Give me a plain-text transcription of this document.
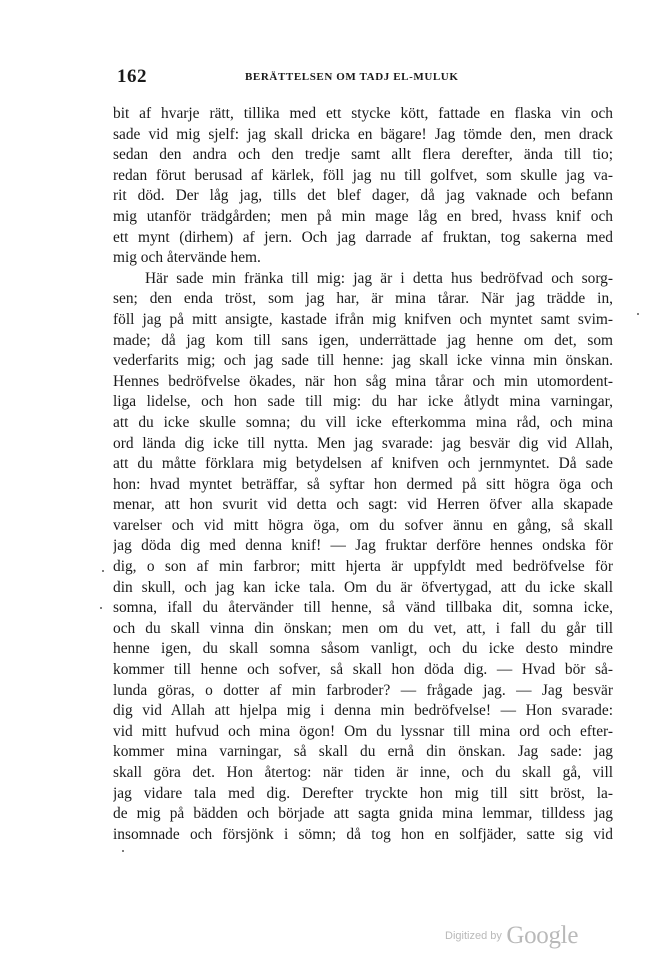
162	BERÄTTELSEN OM TADJ EL-MULUK
bit af hvarje rätt, tillika med ett stycke kött, fattade en flaska vin och
sade vid mig sjelf: jag skall dricka en bägare! Jag tömde den, men drack
sedan den andra och den tredje samt allt flera derefter, ända till tio;
redan förut berusad af kärlek, föll jag nu till golfvet, som skulle jag va-
rit död. Der låg jag, tills det blef dager, då jag vaknade och befann
mig utanför trädgården; men på min mage låg en bred, hvass knif och
ett mynt (dirhem) af jern. Och jag darrade af fruktan, tog sakerna med
mig och återvände hem.
Här sade min fränka till mig: jag är i detta hus bedröfvad och sorg-
sen; den enda tröst, som jag har, är mina tårar. När jag trädde in,
föll jag på mitt ansigte, kastade ifrån mig knifven och myntet samt svim-
made; då jag kom till sans igen, underrättade jag henne om det, som
vederfarits mig; och jag sade till henne: jag skall icke vinna min önskan.
Hennes bedröfvelse ökades, när hon såg mina tårar och min utomordent-
liga lidelse, och hon sade till mig: du har icke åtlydt mina varningar,
att du icke skulle somna; du vill icke efterkomma mina råd, och mina
ord lända dig icke till nytta. Men jag svarade: jag besvär dig vid Allah,
att du måtte förklara mig betydelsen af knifven och jernmyntet. Då sade
hon: hvad myntet beträffar, så syftar hon dermed på sitt högra öga och
menar, att hon svurit vid detta och sagt: vid Herren öfver alla skapade
varelser och vid mitt högra öga, om du sofver ännu en gång, så skall
jag döda dig med denna knif! — Jag fruktar derföre hennes ondska för
dig, o son af min farbror; mitt hjerta är uppfyldt med bedröfvelse för
din skull, och jag kan icke tala. Om du är öfvertygad, att du icke skall
somna, ifall du återvänder till henne, så vänd tillbaka dit, somna icke,
och du skall vinna din önskan; men om du vet, att, i fall du går till
henne igen, du skall somna såsom vanligt, och du icke desto mindre
kommer till henne och sofver, så skall hon döda dig. — Hvad bör så-
lunda göras, o dotter af min farbroder? — frågade jag. — Jag besvär
dig vid Allah att hjelpa mig i denna min bedröfvelse! — Hon svarade:
vid mitt hufvud och mina ögon! Om du lyssnar till mina ord och efter-
kommer mina varningar, så skall du ernå din önskan. Jag sade: jag
skall göra det. Hon återtog: när tiden är inne, och du skall gå, vill
jag vidare tala med dig. Derefter tryckte hon mig till sitt bröst, la-
de mig på bädden och började att sagta gnida mina lemmar, tilldess jag
insomnade och försjönk i sömn; då tog hon en solfjäder, satte sig vid
Digitized by Google
